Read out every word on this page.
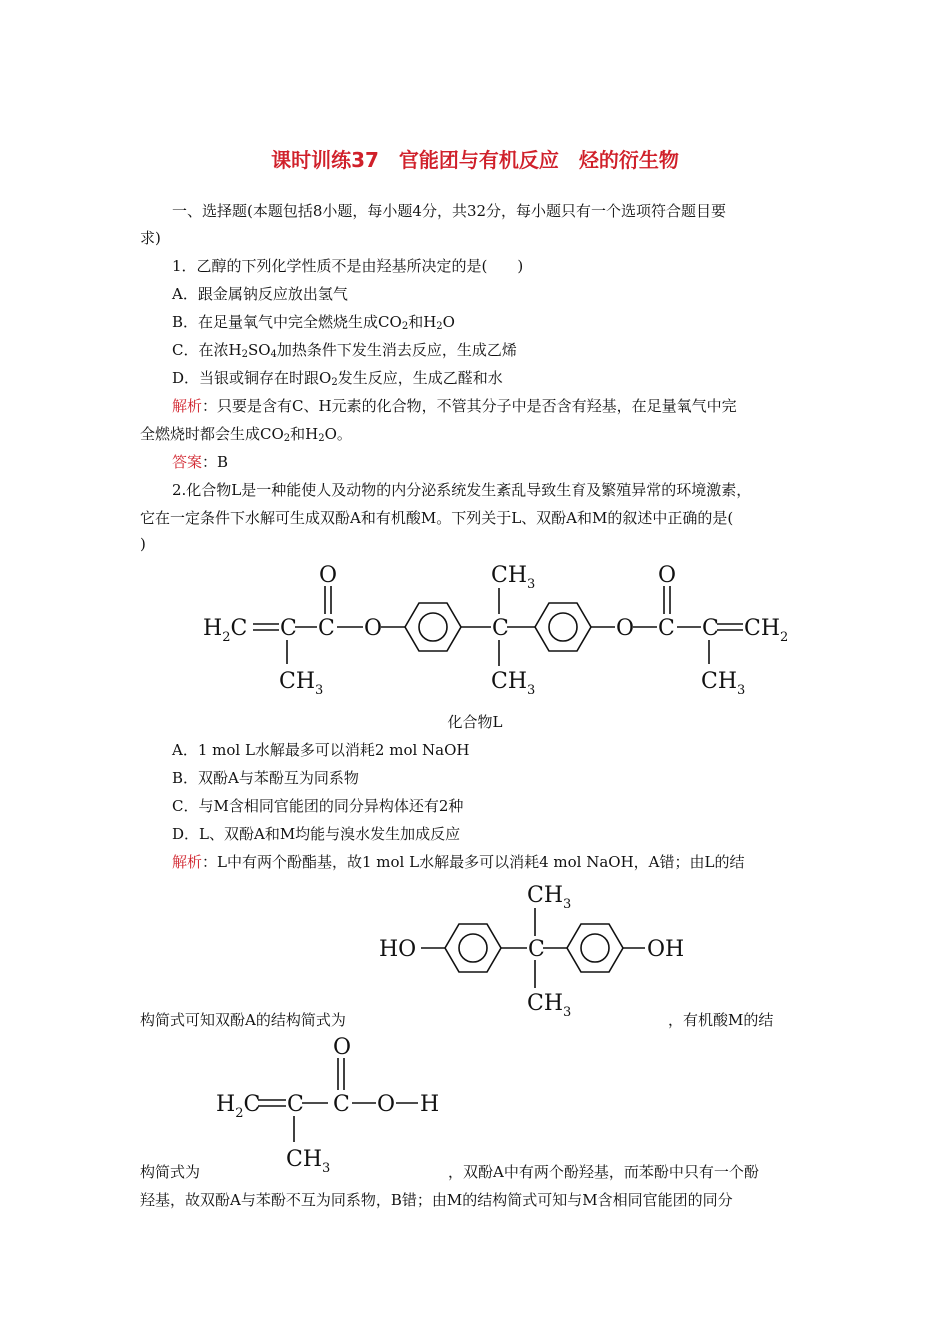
课时训练37　官能团与有机反应　烃的衍生物
一、选择题(本题包括8小题，每小题4分，共32分，每小题只有一个选项符合题目要
求)
1．乙醇的下列化学性质不是由羟基所决定的是(　　)
A．跟金属钠反应放出氢气
B．在足量氧气中完全燃烧生成$CO_2$和$H_2O$
C．在浓$H_2SO_4$加热条件下发生消去反应，生成乙烯
D．当银或铜存在时跟$O_2$发生反应，生成乙醛和水
解析：只要是含有C、H元素的化合物，不管其分子中是否含有羟基，在足量氧气中完
全燃烧时都会生成$CO_2$和$H_2O$。
答案：B
2.化合物L是一种能使人及动物的内分泌系统发生紊乱导致生育及繁殖异常的环境激素，
它在一定条件下水解可生成双酚A和有机酸M。下列关于L、双酚A和M的叙述中正确的是(
)
$H_2C$ C
$CH_3$
C
O
O	C
$CH_3$
$CH_3$
O C
O
C
$CH_3$
$CH_2$
化合物L
A．1 mol L水解最多可以消耗2 mol NaOH
B．双酚A与苯酚互为同系物
C．与M含相同官能团的同分异构体还有2种
D．L、双酚A和M均能与溴水发生加成反应
解析：L中有两个酚酯基，故1 mol L水解最多可以消耗4 mol NaOH，A错；由L的结
HO	C
$CH_3$
$CH_3$
OH
构简式可知双酚A的结构简式为	，有机酸M的结
$H_2C$ C
$CH_3$
C
O
O H
构简式为	，双酚A中有两个酚羟基，而苯酚中只有一个酚
羟基，故双酚A与苯酚不互为同系物，B错；由M的结构简式可知与M含相同官能团的同分
